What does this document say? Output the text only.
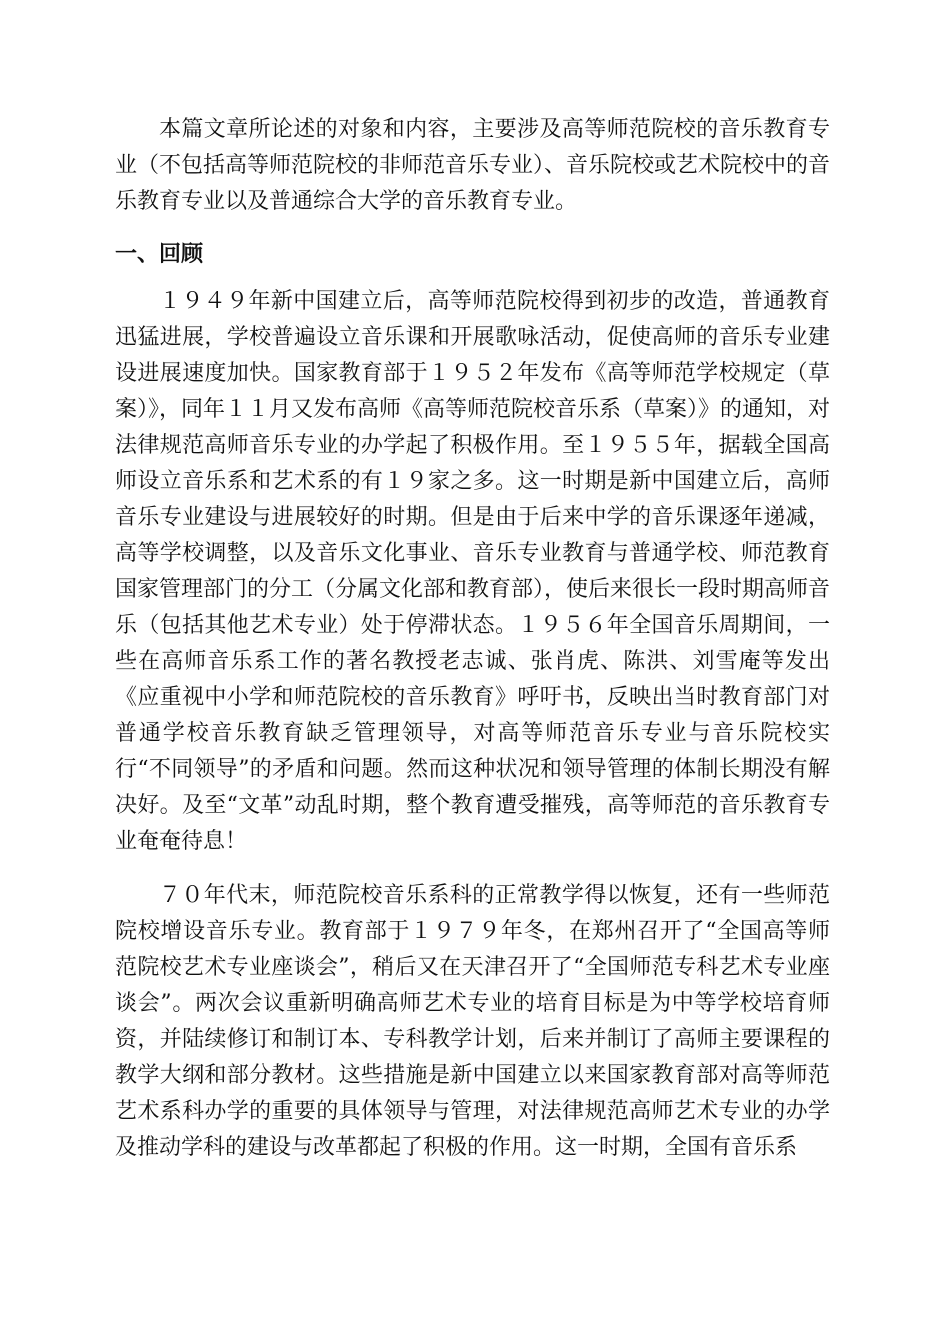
本篇文章所论述的对象和内容，主要涉及高等师范院校的音乐教育专业（不包括高等师范院校的非师范音乐专业）、音乐院校或艺术院校中的音乐教育专业以及普通综合大学的音乐教育专业。

一、回顾

１９４９年新中国建立后，高等师范院校得到初步的改造，普通教育迅猛进展，学校普遍设立音乐课和开展歌咏活动，促使高师的音乐专业建设进展速度加快。国家教育部于１９５２年发布《高等师范学校规定（草案）》，同年１１月又发布高师《高等师范院校音乐系（草案）》的通知，对法律规范高师音乐专业的办学起了积极作用。至１９５５年，据载全国高师设立音乐系和艺术系的有１９家之多。这一时期是新中国建立后，高师音乐专业建设与进展较好的时期。但是由于后来中学的音乐课逐年递减，高等学校调整，以及音乐文化事业、音乐专业教育与普通学校、师范教育国家管理部门的分工（分属文化部和教育部），使后来很长一段时期高师音乐（包括其他艺术专业）处于停滞状态。１９５６年全国音乐周期间，一些在高师音乐系工作的著名教授老志诚、张肖虎、陈洪、刘雪庵等发出《应重视中小学和师范院校的音乐教育》呼吁书，反映出当时教育部门对普通学校音乐教育缺乏管理领导，对高等师范音乐专业与音乐院校实行“不同领导”的矛盾和问题。然而这种状况和领导管理的体制长期没有解决好。及至“文革”动乱时期，整个教育遭受摧残，高等师范的音乐教育专业奄奄待息！

７０年代末，师范院校音乐系科的正常教学得以恢复，还有一些师范院校增设音乐专业。教育部于１９７９年冬，在郑州召开了“全国高等师范院校艺术专业座谈会”，稍后又在天津召开了“全国师范专科艺术专业座谈会”。两次会议重新明确高师艺术专业的培育目标是为中等学校培育师资，并陆续修订和制订本、专科教学计划，后来并制订了高师主要课程的教学大纲和部分教材。这些措施是新中国建立以来国家教育部对高等师范艺术系科办学的重要的具体领导与管理，对法律规范高师艺术专业的办学及推动学科的建设与改革都起了积极的作用。这一时期，全国有音乐系
